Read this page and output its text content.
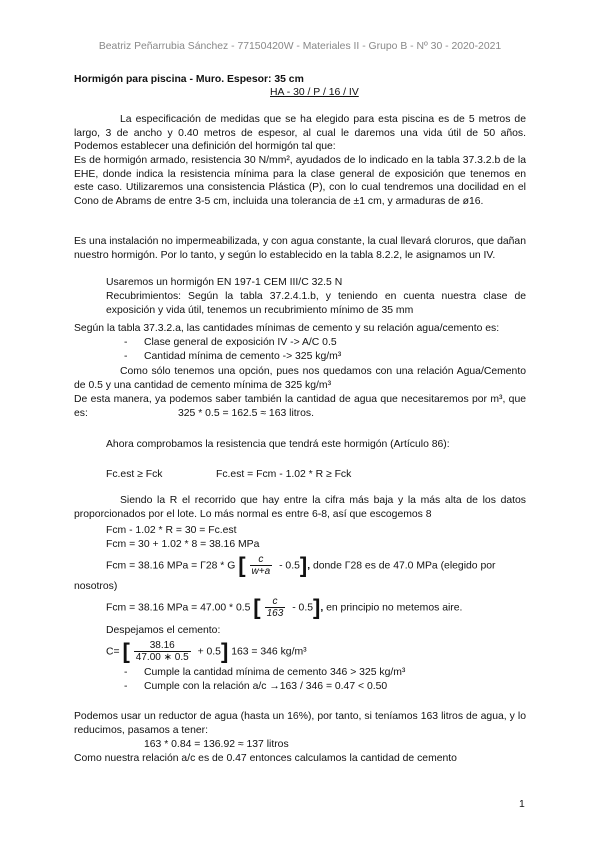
Beatriz Peñarrubia Sánchez - 77150420W - Materiales II - Grupo B - Nº 30 - 2020-2021
Hormigón para piscina - Muro. Espesor: 35 cm
HA - 30 / P / 16 / IV
La especificación de medidas que se ha elegido para esta piscina es de 5 metros de largo, 3 de ancho y 0.40 metros de espesor, al cual le daremos una vida útil de 50 años. Podemos establecer una definición del hormigón tal que:
Es de hormigón armado, resistencia 30 N/mm², ayudados de lo indicado en la tabla 37.3.2.b de la EHE, donde indica la resistencia mínima para la clase general de exposición que tenemos en este caso. Utilizaremos una consistencia Plástica (P), con lo cual tendremos una docilidad en el Cono de Abrams de entre 3-5 cm, incluida una tolerancia de ±1 cm, y armaduras de ø16.
Es una instalación no impermeabilizada, y con agua constante, la cual llevará cloruros, que dañan nuestro hormigón. Por lo tanto, y según lo establecido en la tabla 8.2.2, le asignamos un IV.
Usaremos un hormigón EN 197-1 CEM III/C 32.5 N
Recubrimientos: Según la tabla 37.2.4.1.b, y teniendo en cuenta nuestra clase de exposición y vida útil, tenemos un recubrimiento mínimo de 35 mm
Según la tabla 37.3.2.a, las cantidades mínimas de cemento y su relación agua/cemento es:
- Clase general de exposición IV -> A/C 0.5
- Cantidad mínima de cemento -> 325 kg/m³
Como sólo tenemos una opción, pues nos quedamos con una relación Agua/Cemento de 0.5 y una cantidad de cemento mínima de 325 kg/m³
De esta manera, ya podemos saber también la cantidad de agua que necesitaremos por m³, que es:	325 * 0.5 = 162.5 ≈ 163 litros.
Ahora comprobamos la resistencia que tendrá este hormigón (Artículo 86):
Fc.est ≥ Fck	Fc.est = Fcm - 1.02 * R ≥ Fck
Siendo la R el recorrido que hay entre la cifra más baja y la más alta de los datos proporcionados por el lote. Lo más normal es entre 6-8, así que escogemos 8
Fcm - 1.02 * R = 30 = Fc.est
Fcm = 30 + 1.02 * 8 = 38.16 MPa
Fcm = 38.16 MPa = Γ28 * G [ $\frac{c}{w+a} - 0.5$], donde Γ28 es de 47.0 MPa (elegido por
nosotros)
Fcm = 38.16 MPa = 47.00 * 0.5 [ $\frac{c}{163} - 0.5$], en principio no metemos aire.
Despejamos el cemento:
C= [ $\frac{38.16}{47.00 ∗ 0.5} + 0.5$] 163 = 346 kg/m³
- Cumple la cantidad mínima de cemento 346 > 325 kg/m³
- Cumple con la relación a/c →163 / 346 = 0.47 < 0.50
Podemos usar un reductor de agua (hasta un 16%), por tanto, si teníamos 163 litros de agua, y lo reducimos, pasamos a tener:
163 * 0.84 = 136.92 ≈ 137 litros
Como nuestra relación a/c es de 0.47 entonces calculamos la cantidad de cemento
1
